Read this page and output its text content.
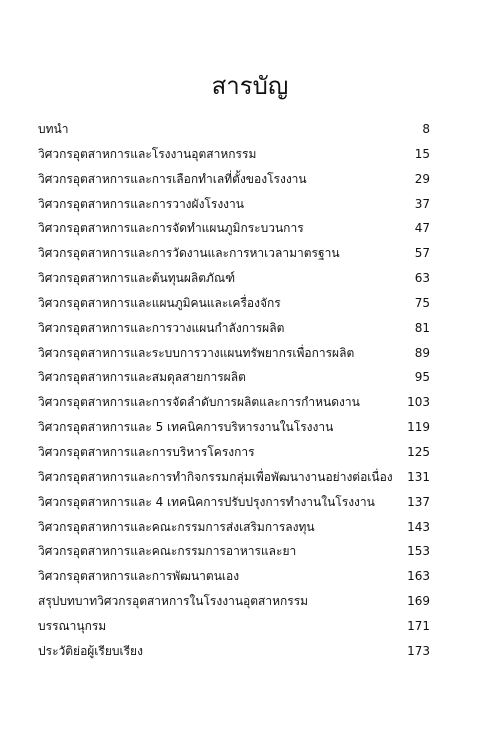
สารบัญ
บทนำ	8
วิศวกรอุตสาหการและโรงงานอุตสาหกรรม	15
วิศวกรอุตสาหการและการเลือกทำเลที่ตั้งของโรงงาน	29
วิศวกรอุตสาหการและการวางผังโรงงาน	37
วิศวกรอุตสาหการและการจัดทำแผนภูมิกระบวนการ	47
วิศวกรอุตสาหการและการวัดงานและการหาเวลามาตรฐาน	57
วิศวกรอุตสาหการและต้นทุนผลิตภัณฑ์	63
วิศวกรอุตสาหการและแผนภูมิคนและเครื่องจักร	75
วิศวกรอุตสาหการและการวางแผนกำลังการผลิต	81
วิศวกรอุตสาหการและระบบการวางแผนทรัพยากรเพื่อการผลิต	89
วิศวกรอุตสาหการและสมดุลสายการผลิต	95
วิศวกรอุตสาหการและการจัดลำดับการผลิตและการกำหนดงาน	103
วิศวกรอุตสาหการและ 5 เทคนิคการบริหารงานในโรงงาน	119
วิศวกรอุตสาหการและการบริหารโครงการ	125
วิศวกรอุตสาหการและการทำกิจกรรมกลุ่มเพื่อพัฒนางานอย่างต่อเนื่อง	131
วิศวกรอุตสาหการและ 4 เทคนิคการปรับปรุงการทำงานในโรงงาน	137
วิศวกรอุตสาหการและคณะกรรมการส่งเสริมการลงทุน	143
วิศวกรอุตสาหการและคณะกรรมการอาหารและยา	153
วิศวกรอุตสาหการและการพัฒนาตนเอง	163
สรุปบทบาทวิศวกรอุตสาหการในโรงงานอุตสาหกรรม	169
บรรณานุกรม	171
ประวัติย่อผู้เรียบเรียง	173
